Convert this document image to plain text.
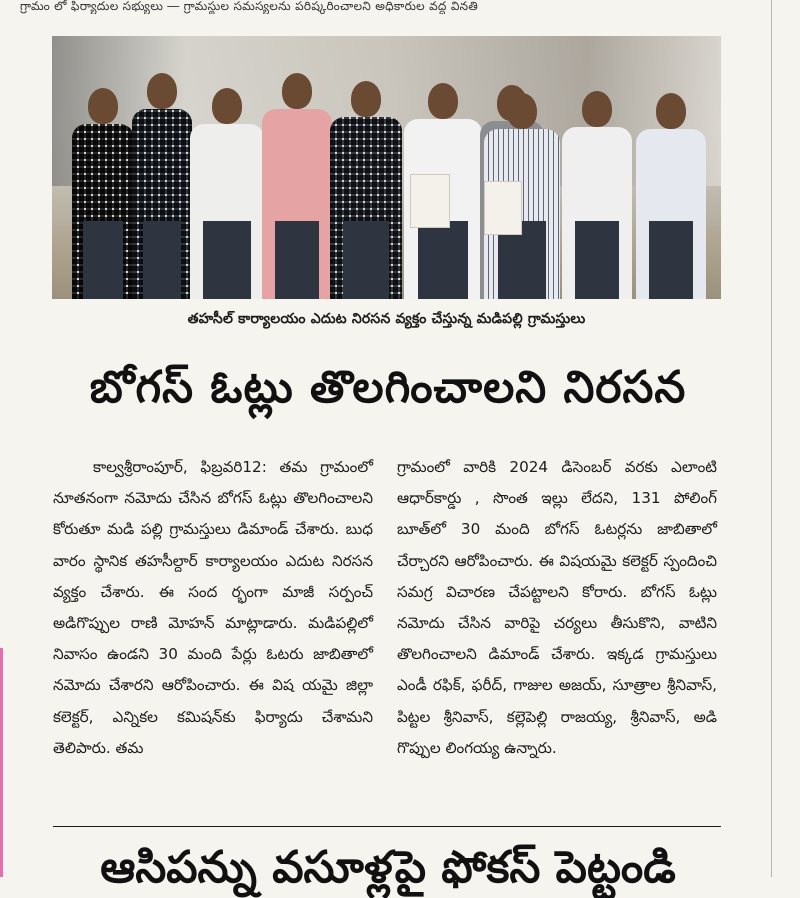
గ్రామం లో ఫిర్యాదుల సభ్యులు ― గ్రామస్థుల సమస్యలను పరిష్కరించాలని అధికారుల వద్ద వినతి
తహసీల్ కార్యాలయం ఎదుట నిరసన వ్యక్తం చేస్తున్న మడిపల్లి గ్రామస్తులు
బోగస్ ఓట్లు తొలగించాలని నిరసన

కాల్వశ్రీరాంపూర్, ఫిబ్రవరి12: తమ గ్రామంలో నూతనంగా నమోదు చేసిన బోగస్ ఓట్లు తొలగించాలని కోరుతూ మడి పల్లి గ్రామస్తులు డిమాండ్ చేశారు. బుధ వారం స్థానిక తహసీల్దార్ కార్యాలయం ఎదుట నిరసన వ్యక్తం చేశారు. ఈ సంద ర్భంగా మాజీ సర్పంచ్ అడిగొప్పుల రాణి మోహన్ మాట్లాడారు. మడిపల్లిలో నివాసం ఉండని 30 మంది పేర్లు ఓటరు జాబితాలో నమోదు చేశారని ఆరోపించారు. ఈ విష యమై జిల్లా కలెక్టర్, ఎన్నికల కమిషన్‌కు ఫిర్యాదు చేశామని తెలిపారు. తమ

గ్రామంలో వారికి 2024 డిసెంబర్ వరకు ఎలాంటి ఆధార్‌కార్డు , సొంత ఇల్లు లేదని, 131 పోలింగ్ బూత్‌లో 30 మంది బోగస్ ఓటర్లను జాబితాలో చేర్చారని ఆరోపించారు. ఈ విషయమై కలెక్టర్ స్పందించి సమగ్ర విచారణ చేపట్టాలని కోరారు. బోగస్ ఓట్లు నమోదు చేసిన వారిపై చర్యలు తీసుకొని, వాటిని తొలగించాలని డిమాండ్ చేశారు. ఇక్కడ గ్రామస్తులు ఎండీ రఫిక్, ఫరీద్, గాజుల అజయ్, సూత్రాల శ్రీనివాస్, పిట్టల శ్రీనివాస్, కల్లెపెల్లి రాజయ్య, శ్రీనివాస్, అడి గొప్పుల లింగయ్య ఉన్నారు.

ఆసిపన్ను వసూళ్లపై ఫోకస్ పెట్టండి
